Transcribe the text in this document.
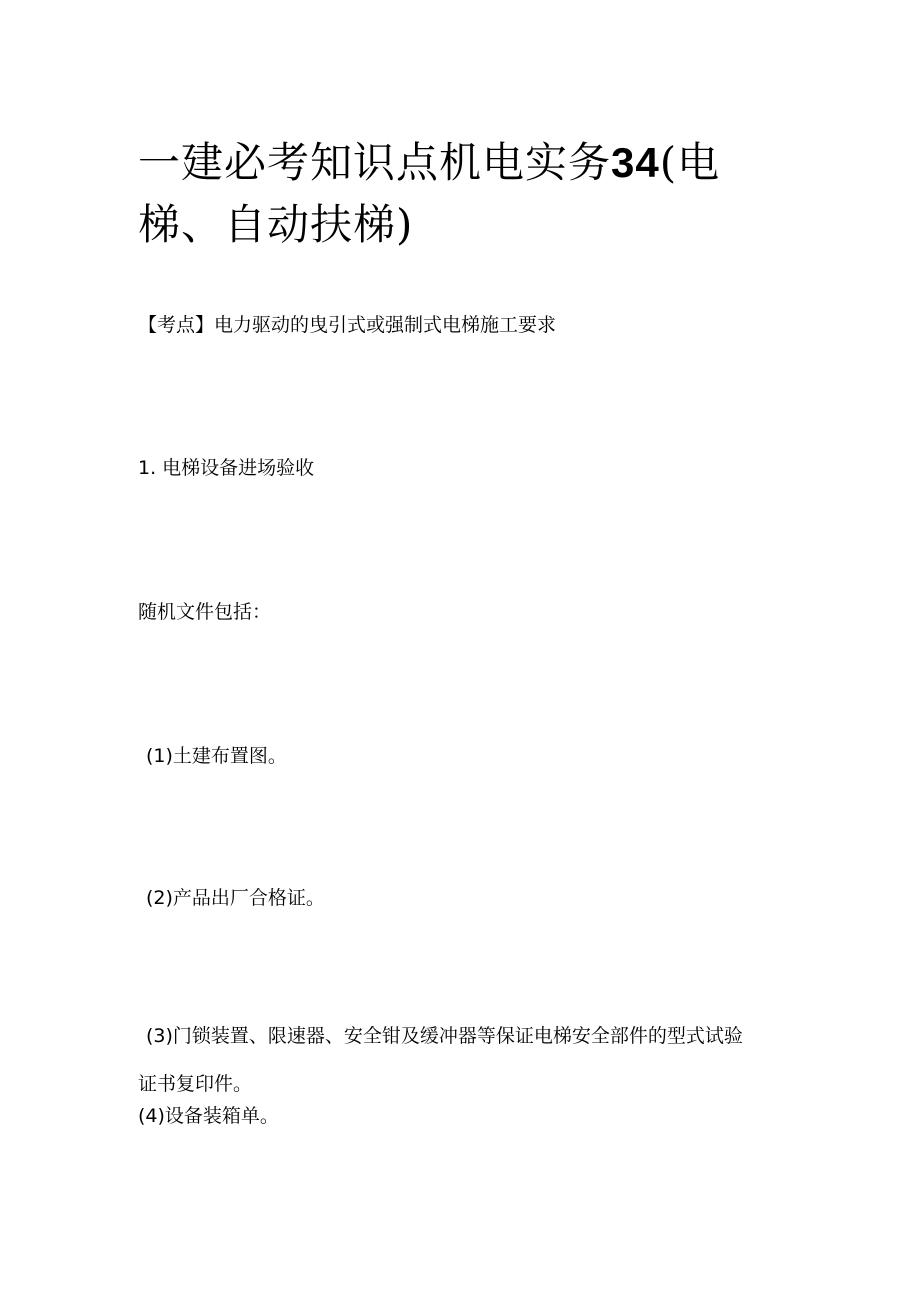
一建必考知识点机电实务34(电
梯、自动扶梯)

【考点】电力驱动的曳引式或强制式电梯施工要求

1. 电梯设备进场验收

随机文件包括：

(1)土建布置图。

(2)产品出厂合格证。

(3)门锁装置、限速器、安全钳及缓冲器等保证电梯安全部件的型式试验

证书复印件。

(4)设备装箱单。
